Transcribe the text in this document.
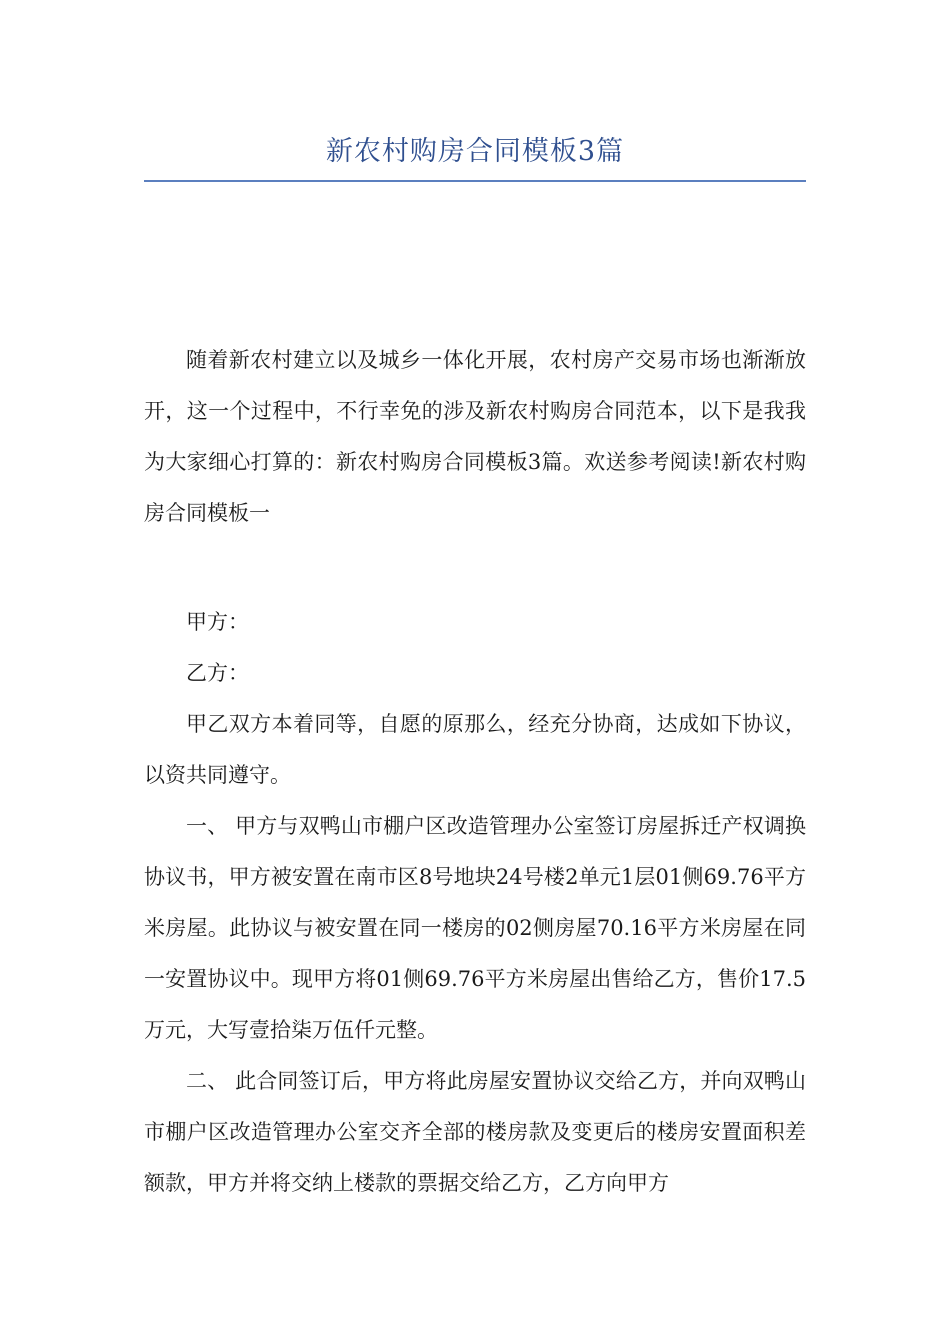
新农村购房合同模板3篇

随着新农村建立以及城乡一体化开展，农村房产交易市场也渐渐放开，这一个过程中，不行幸免的涉及新农村购房合同范本，以下是我我为大家细心打算的：新农村购房合同模板3篇。欢送参考阅读!新农村购房合同模板一

甲方：

乙方：

甲乙双方本着同等，自愿的原那么，经充分协商，达成如下协议，以资共同遵守。

一、 甲方与双鸭山市棚户区改造管理办公室签订房屋拆迁产权调换协议书，甲方被安置在南市区8号地块24号楼2单元1层01侧69.76平方米房屋。此协议与被安置在同一楼房的02侧房屋70.16平方米房屋在同一安置协议中。现甲方将01侧69.76平方米房屋出售给乙方，售价17.5万元，大写壹拾柒万伍仟元整。

二、 此合同签订后，甲方将此房屋安置协议交给乙方，并向双鸭山市棚户区改造管理办公室交齐全部的楼房款及变更后的楼房安置面积差额款，甲方并将交纳上楼款的票据交给乙方，乙方向甲方
